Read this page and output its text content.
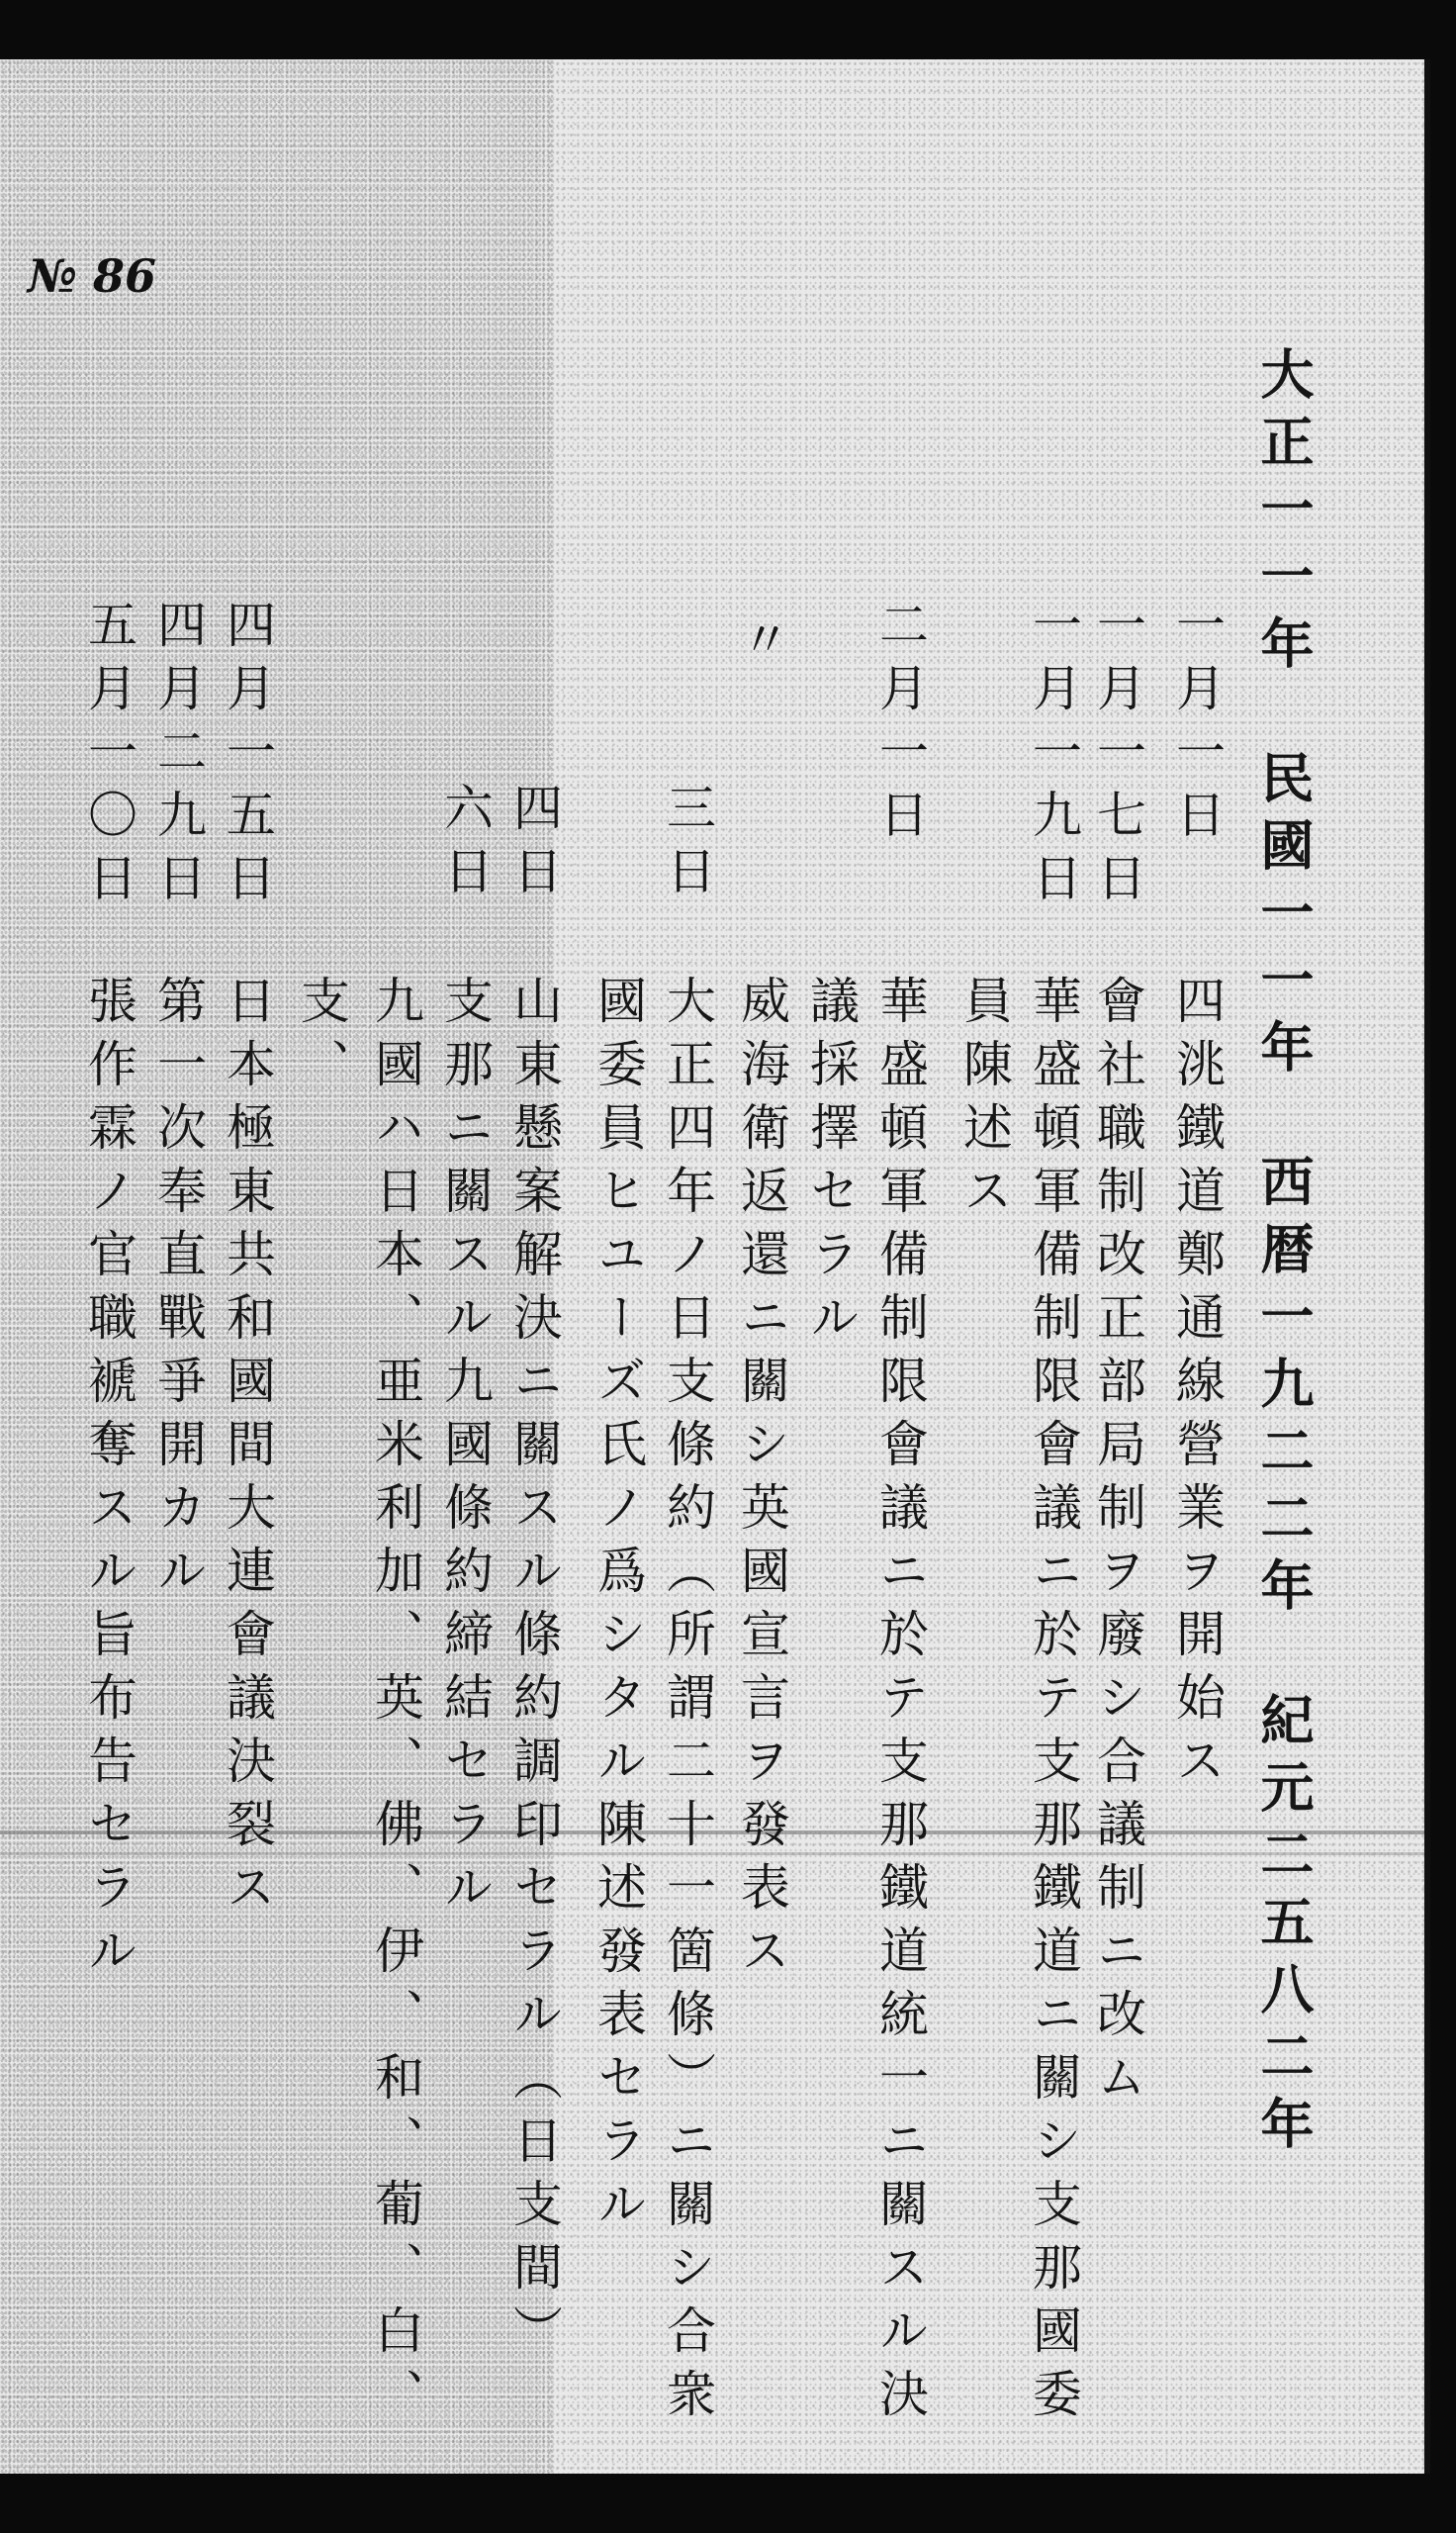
№ 86
大正一一年　民國一一年　西暦一九二二年　紀元二五八二年
一月一日
四洮鐵道鄭通線營業ヲ開始ス
一月一七日
會社職制改正部局制ヲ廢シ合議制ニ改ム
一月一九日
華盛頓軍備制限會議ニ於テ支那鐵道ニ關シ支那國委
員陳述ス
二月一日
華盛頓軍備制限會議ニ於テ支那鐵道統一ニ關スル決
議採擇セラル
〃
威海衛返還ニ關シ英國宣言ヲ發表ス
三日
大正四年ノ日支條約（所謂二十一箇條）ニ關シ合衆
國委員ヒユーズ氏ノ爲シタル陳述發表セラル
四日
山東懸案解決ニ關スル條約調印セラル（日支間）
六日
支那ニ關スル九國條約締結セラル
九國ハ日本、亜米利加、英、佛、伊、和、葡、白、
支、
四月一五日
日本極東共和國間大連會議決裂ス
四月二九日
第一次奉直戰爭開カル
五月一〇日
張作霖ノ官職褫奪スル旨布告セラル
